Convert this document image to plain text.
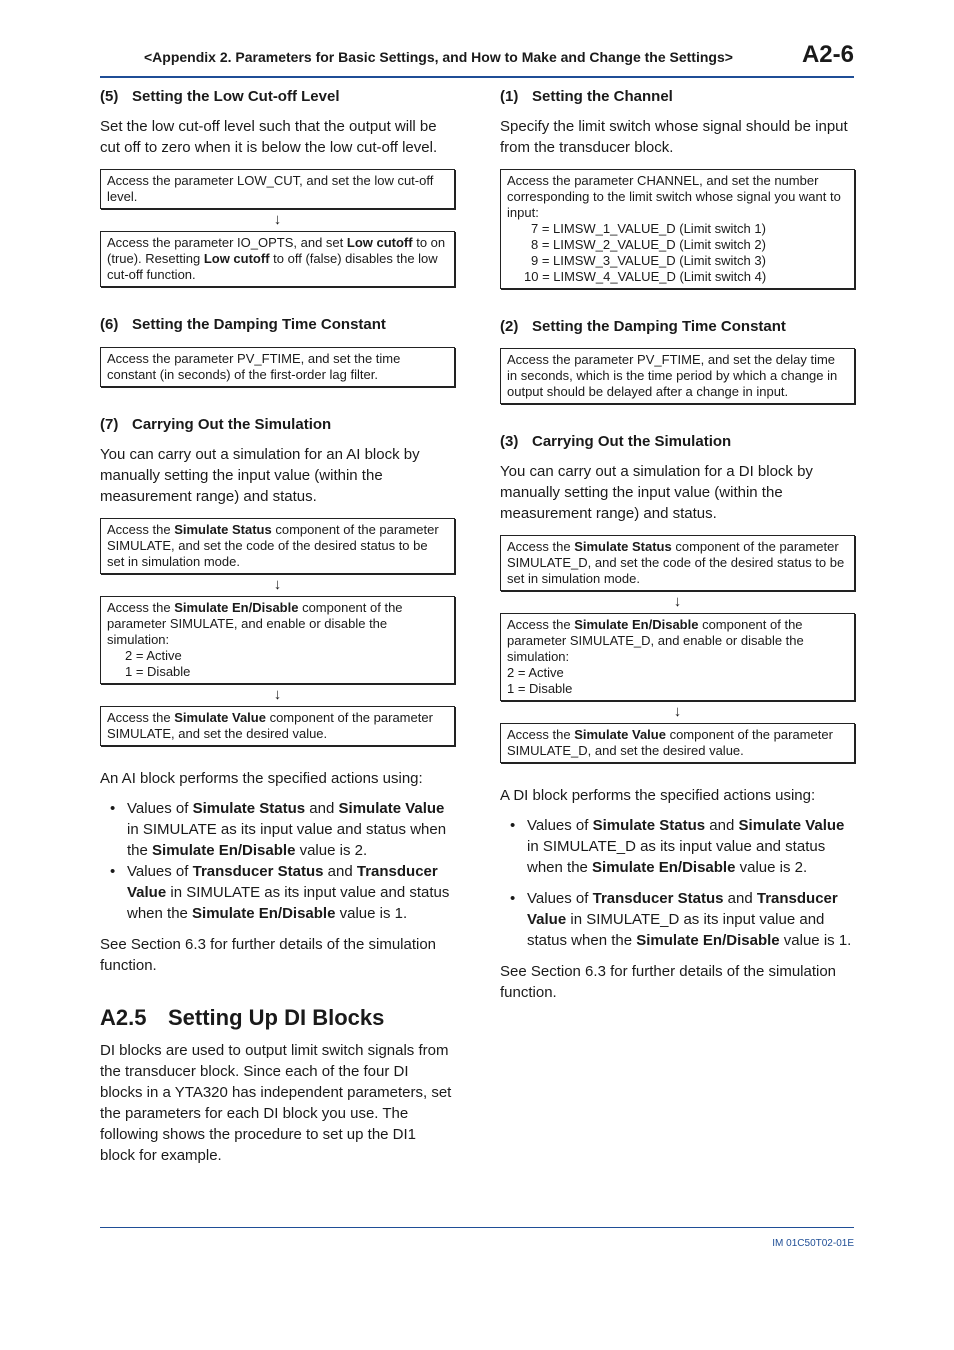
<Appendix 2. Parameters for Basic Settings, and How to Make and Change the Settings>	A2-6
(5) Setting the Low Cut-off Level

Set the low cut-off level such that the output will be cut off to zero when it is below the low cut-off level.

Access the parameter LOW_CUT, and set the low cut-off level.
↓
Access the parameter IO_OPTS, and set Low cutoff to on (true). Resetting Low cutoff to off (false) disables the low cut-off function.
(6) Setting the Damping Time Constant
Access the parameter PV_FTIME, and set the time constant (in seconds) of the first-order lag filter.
(7) Carrying Out the Simulation

You can carry out a simulation for an AI block by manually setting the input value (within the measurement range) and status.

Access the Simulate Status component of the parameter SIMULATE, and set the code of the desired status to be set in simulation mode.
↓
Access the Simulate En/Disable component of the parameter SIMULATE, and enable or disable the simulation:
2 = Active
1 = Disable
↓
Access the Simulate Value component of the parameter SIMULATE, and set the desired value.

An AI block performs the specified actions using:

• Values of Simulate Status and Simulate Value in SIMULATE as its input value and status when the Simulate En/Disable value is 2.
• Values of Transducer Status and Transducer Value in SIMULATE as its input value and status when the Simulate En/Disable value is 1.

See Section 6.3 for further details of the simulation function.

A2.5 Setting Up DI Blocks

DI blocks are used to output limit switch signals from the transducer block. Since each of the four DI blocks in a YTA320 has independent parameters, set the parameters for each DI block you use. The following shows the procedure to set up the DI1 block for example.

(1) Setting the Channel

Specify the limit switch whose signal should be input from the transducer block.

Access the parameter CHANNEL, and set the number corresponding to the limit switch whose signal you want to input:
7 = LIMSW_1_VALUE_D (Limit switch 1)
8 = LIMSW_2_VALUE_D (Limit switch 2)
9 = LIMSW_3_VALUE_D (Limit switch 3)
10 = LIMSW_4_VALUE_D (Limit switch 4)
(2) Setting the Damping Time Constant
Access the parameter PV_FTIME, and set the delay time in seconds, which is the time period by which a change in output should be delayed after a change in input.
(3) Carrying Out the Simulation

You can carry out a simulation for a DI block by manually setting the input value (within the measurement range) and status.

Access the Simulate Status component of the parameter SIMULATE_D, and set the code of the desired status to be set in simulation mode.
↓
Access the Simulate En/Disable component of the parameter SIMULATE_D, and enable or disable the simulation:
2 = Active
1 = Disable
↓
Access the Simulate Value component of the parameter SIMULATE_D, and set the desired value.

A DI block performs the specified actions using:

• Values of Simulate Status and Simulate Value in SIMULATE_D as its input value and status when the Simulate En/Disable value is 2.
• Values of Transducer Status and Transducer Value in SIMULATE_D as its input value and status when the Simulate En/Disable value is 1.

See Section 6.3 for further details of the simulation function.

IM 01C50T02-01E
